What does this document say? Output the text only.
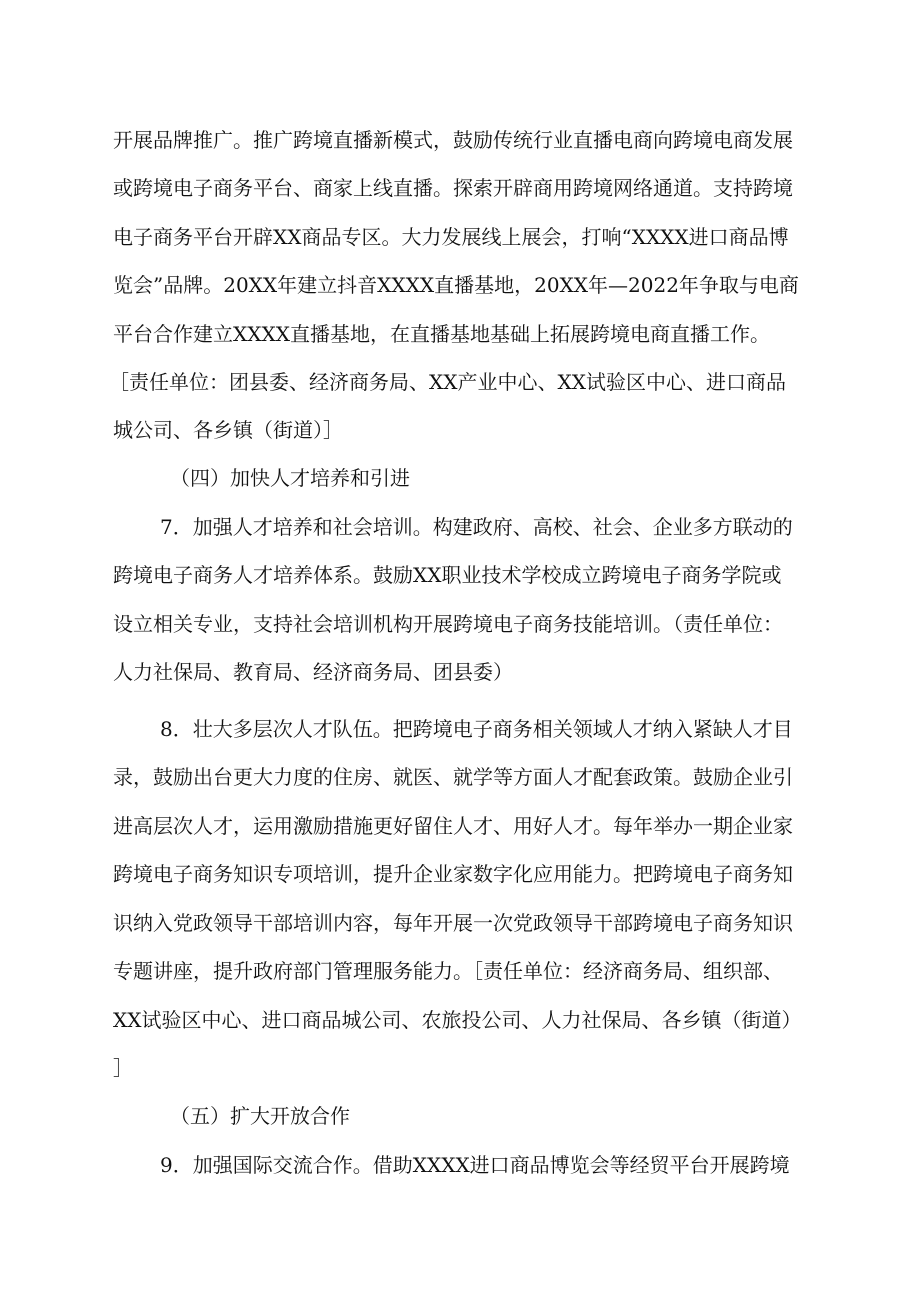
开展品牌推广。推广跨境直播新模式，鼓励传统行业直播电商向跨境电商发展
或跨境电子商务平台、商家上线直播。探索开辟商用跨境网络通道。支持跨境
电子商务平台开辟XX商品专区。大力发展线上展会，打响“XXXX进口商品博
览会”品牌。20XX年建立抖音XXXX直播基地，20XX年—2022年争取与电商
平台合作建立XXXX直播基地，在直播基地基础上拓展跨境电商直播工作。
［责任单位：团县委、经济商务局、XX产业中心、XX试验区中心、进口商品
城公司、各乡镇（街道）］
（四）加快人才培养和引进
7．加强人才培养和社会培训。构建政府、高校、社会、企业多方联动的
跨境电子商务人才培养体系。鼓励XX职业技术学校成立跨境电子商务学院或
设立相关专业，支持社会培训机构开展跨境电子商务技能培训。（责任单位：
人力社保局、教育局、经济商务局、团县委）
8．壮大多层次人才队伍。把跨境电子商务相关领域人才纳入紧缺人才目
录，鼓励出台更大力度的住房、就医、就学等方面人才配套政策。鼓励企业引
进高层次人才，运用激励措施更好留住人才、用好人才。每年举办一期企业家
跨境电子商务知识专项培训，提升企业家数字化应用能力。把跨境电子商务知
识纳入党政领导干部培训内容，每年开展一次党政领导干部跨境电子商务知识
专题讲座，提升政府部门管理服务能力。［责任单位：经济商务局、组织部、
XX试验区中心、进口商品城公司、农旅投公司、人力社保局、各乡镇（街道）
］
（五）扩大开放合作
9．加强国际交流合作。借助XXXX进口商品博览会等经贸平台开展跨境
